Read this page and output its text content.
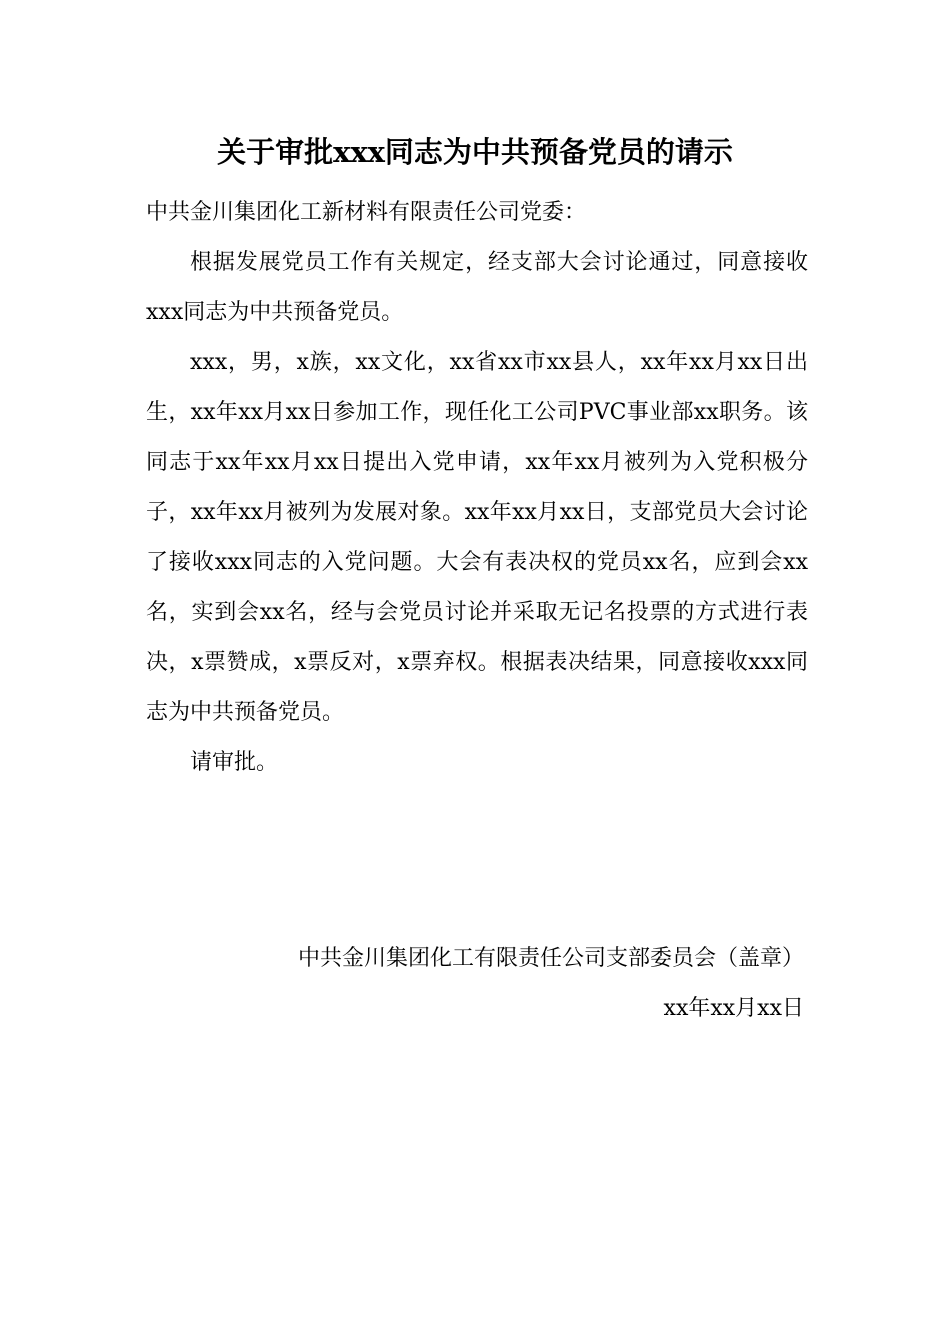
关于审批xxx同志为中共预备党员的请示

中共金川集团化工新材料有限责任公司党委：

根据发展党员工作有关规定，经支部大会讨论通过，同意接收xxx同志为中共预备党员。

xxx，男，x族，xx文化，xx省xx市xx县人，xx年xx月xx日出生，xx年xx月xx日参加工作，现任化工公司PVC事业部xx职务。该同志于xx年xx月xx日提出入党申请，xx年xx月被列为入党积极分子，xx年xx月被列为发展对象。xx年xx月xx日，支部党员大会讨论了接收xxx同志的入党问题。大会有表决权的党员xx名，应到会xx名，实到会xx名，经与会党员讨论并采取无记名投票的方式进行表决，x票赞成，x票反对，x票弃权。根据表决结果，同意接收xxx同志为中共预备党员。

请审批。

中共金川集团化工有限责任公司支部委员会（盖章）
xx年xx月xx日
